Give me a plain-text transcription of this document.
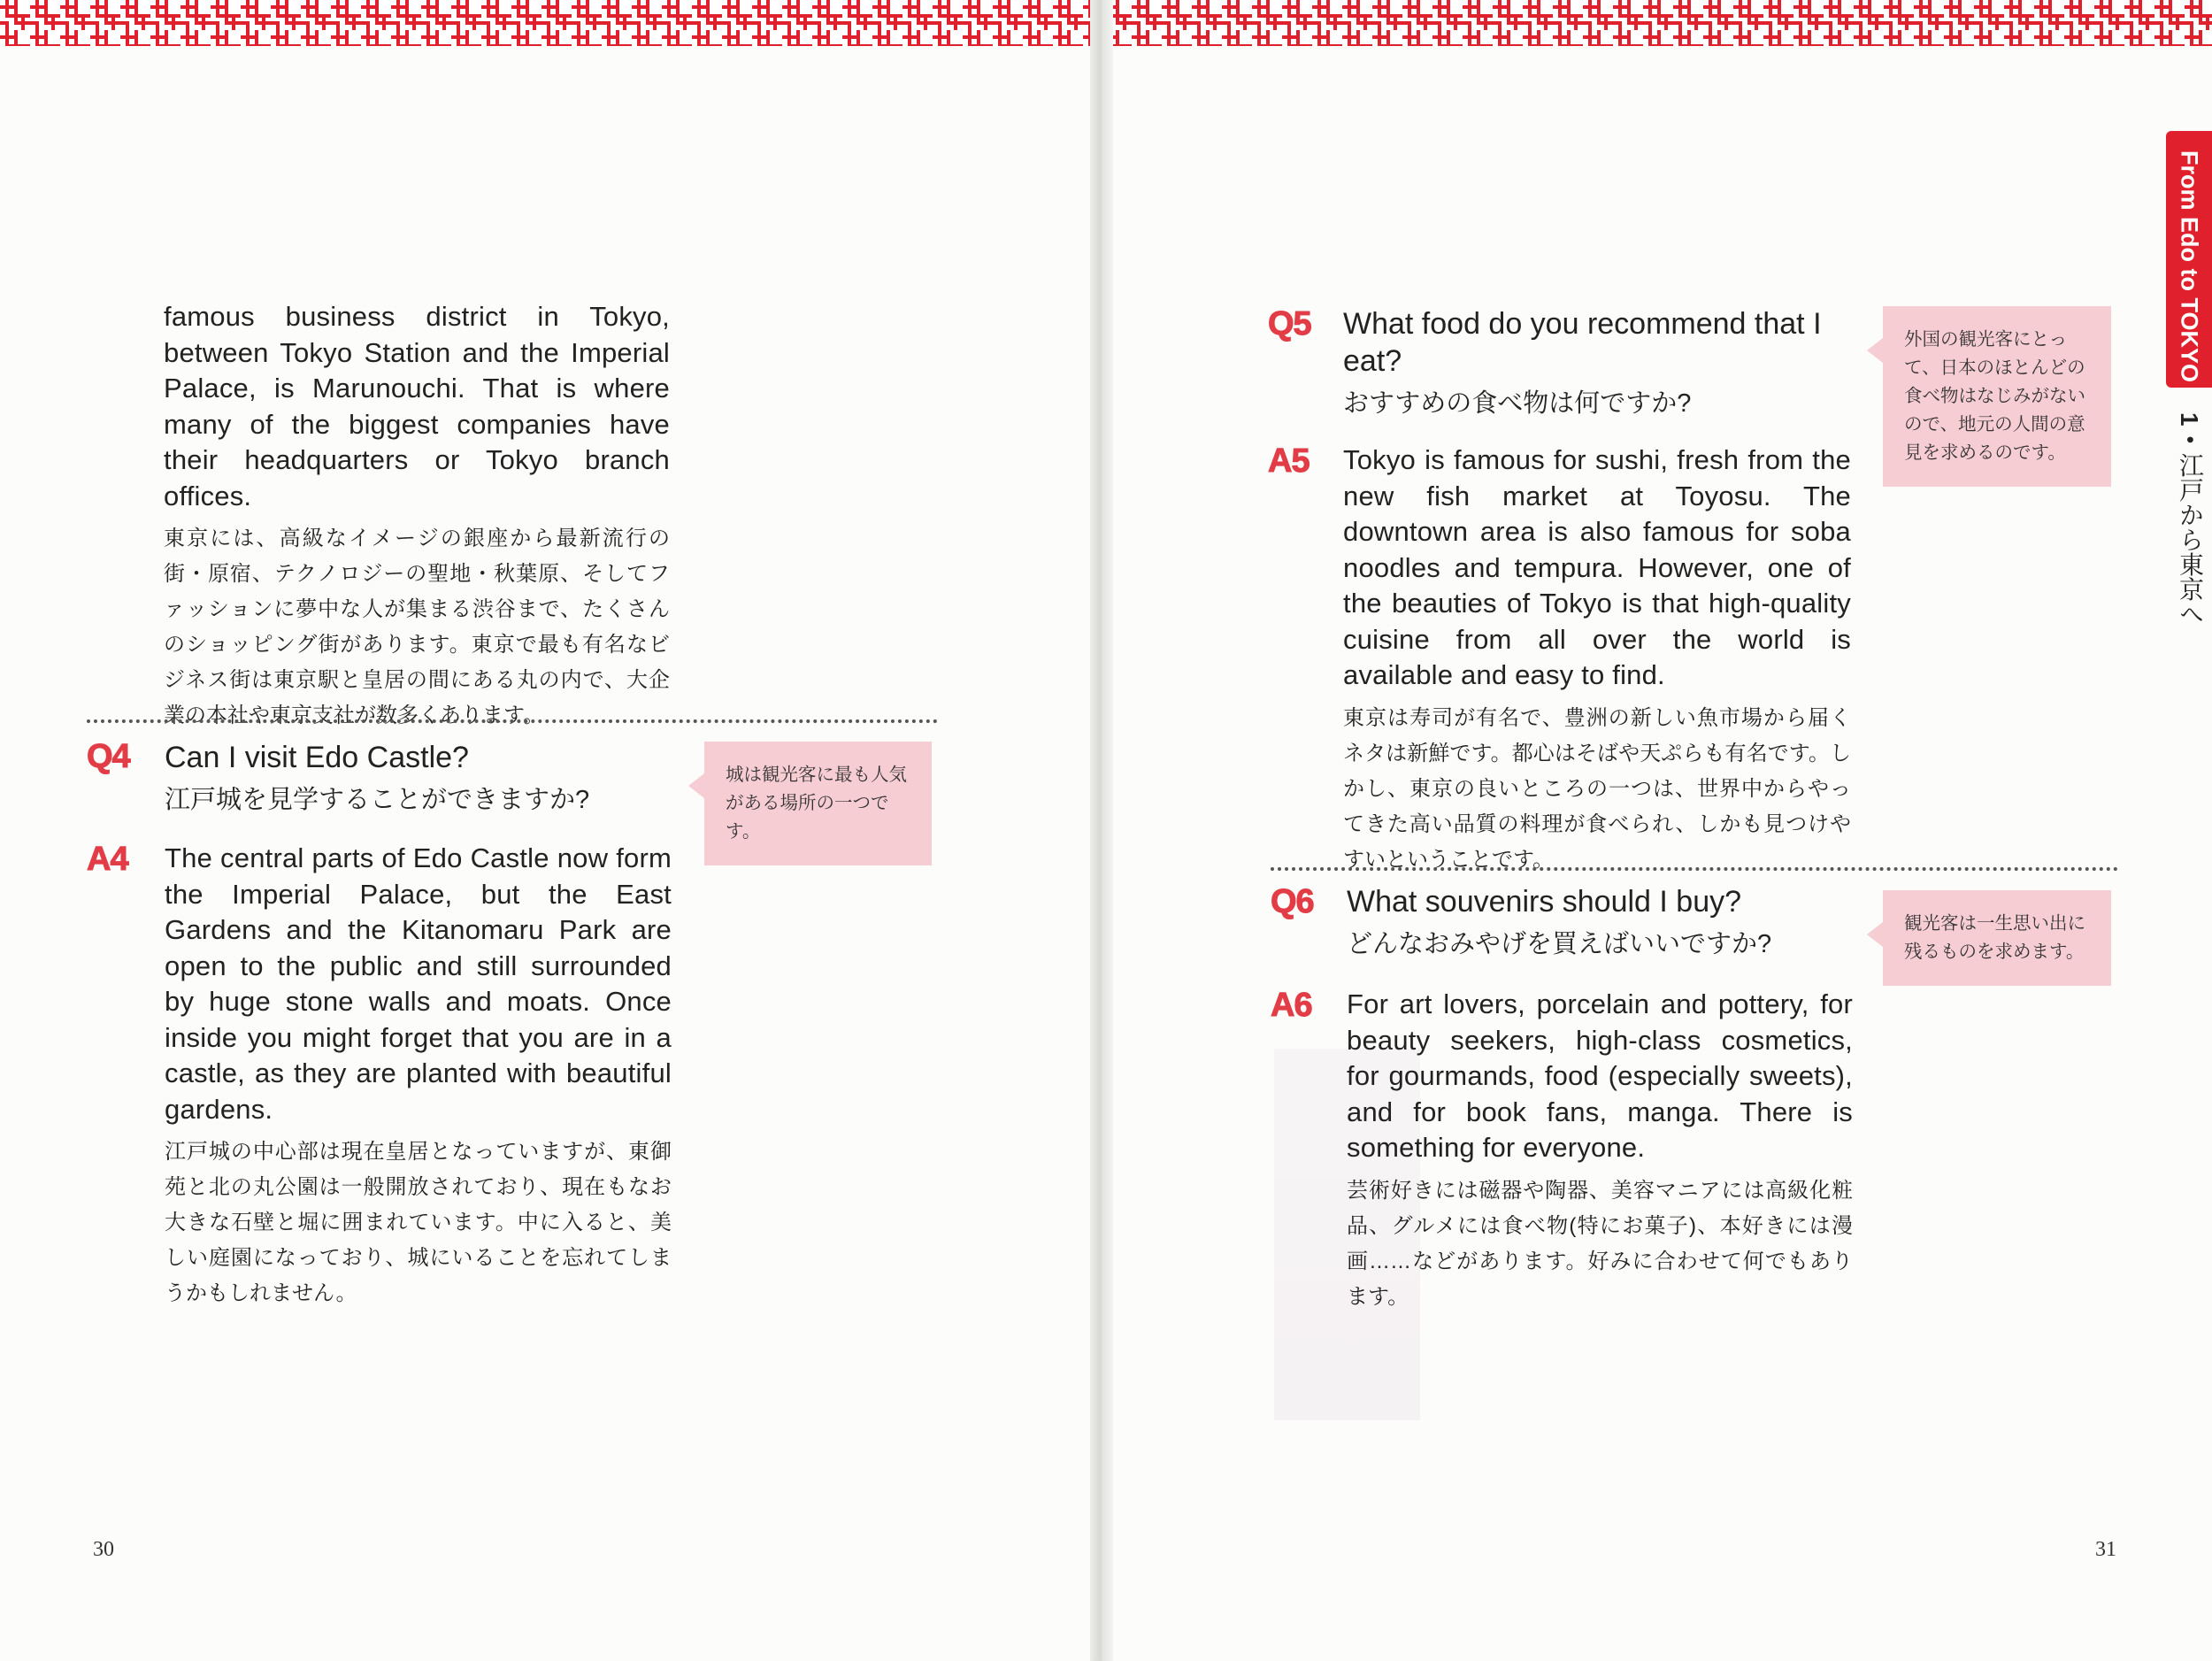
famous business district in Tokyo, between Tokyo Station and the Imperial Palace, is Marunouchi. That is where many of the biggest companies have their headquarters or Tokyo branch offices.
東京には、高級なイメージの銀座から最新流行の街・原宿、テクノロジーの聖地・秋葉原、そしてファッションに夢中な人が集まる渋谷まで、たくさんのショッピング街があります。東京で最も有名なビジネス街は東京駅と皇居の間にある丸の内で、大企業の本社や東京支社が数多くあります。
Q4 Can I visit Edo Castle?
江戸城を見学することができますか?
城は観光客に最も人気がある場所の一つです。
A4 The central parts of Edo Castle now form the Imperial Palace, but the East Gardens and the Kitanomaru Park are open to the public and still surrounded by huge stone walls and moats. Once inside you might forget that you are in a castle, as they are planted with beautiful gardens.
江戸城の中心部は現在皇居となっていますが、東御苑と北の丸公園は一般開放されており、現在もなお大きな石壁と堀に囲まれています。中に入ると、美しい庭園になっており、城にいることを忘れてしまうかもしれません。
30
Q5 What food do you recommend that I eat?
おすすめの食べ物は何ですか?
外国の観光客にとって、日本のほとんどの食べ物はなじみがないので、地元の人間の意見を求めるのです。
A5 Tokyo is famous for sushi, fresh from the new fish market at Toyosu. The downtown area is also famous for soba noodles and tempura. However, one of the beauties of Tokyo is that high-quality cuisine from all over the world is available and easy to find.
東京は寿司が有名で、豊洲の新しい魚市場から届くネタは新鮮です。都心はそばや天ぷらも有名です。しかし、東京の良いところの一つは、世界中からやってきた高い品質の料理が食べられ、しかも見つけやすいということです。
Q6 What souvenirs should I buy?
どんなおみやげを買えばいいですか?
観光客は一生思い出に残るものを求めます。
A6 For art lovers, porcelain and pottery, for beauty seekers, high-class cosmetics, for gourmands, food (especially sweets), and for book fans, manga. There is something for everyone.
芸術好きには磁器や陶器、美容マニアには高級化粧品、グルメには食べ物(特にお菓子)、本好きには漫画……などがあります。好みに合わせて何でもあります。
From Edo to TOKYO
1•江戸から東京へ
31
